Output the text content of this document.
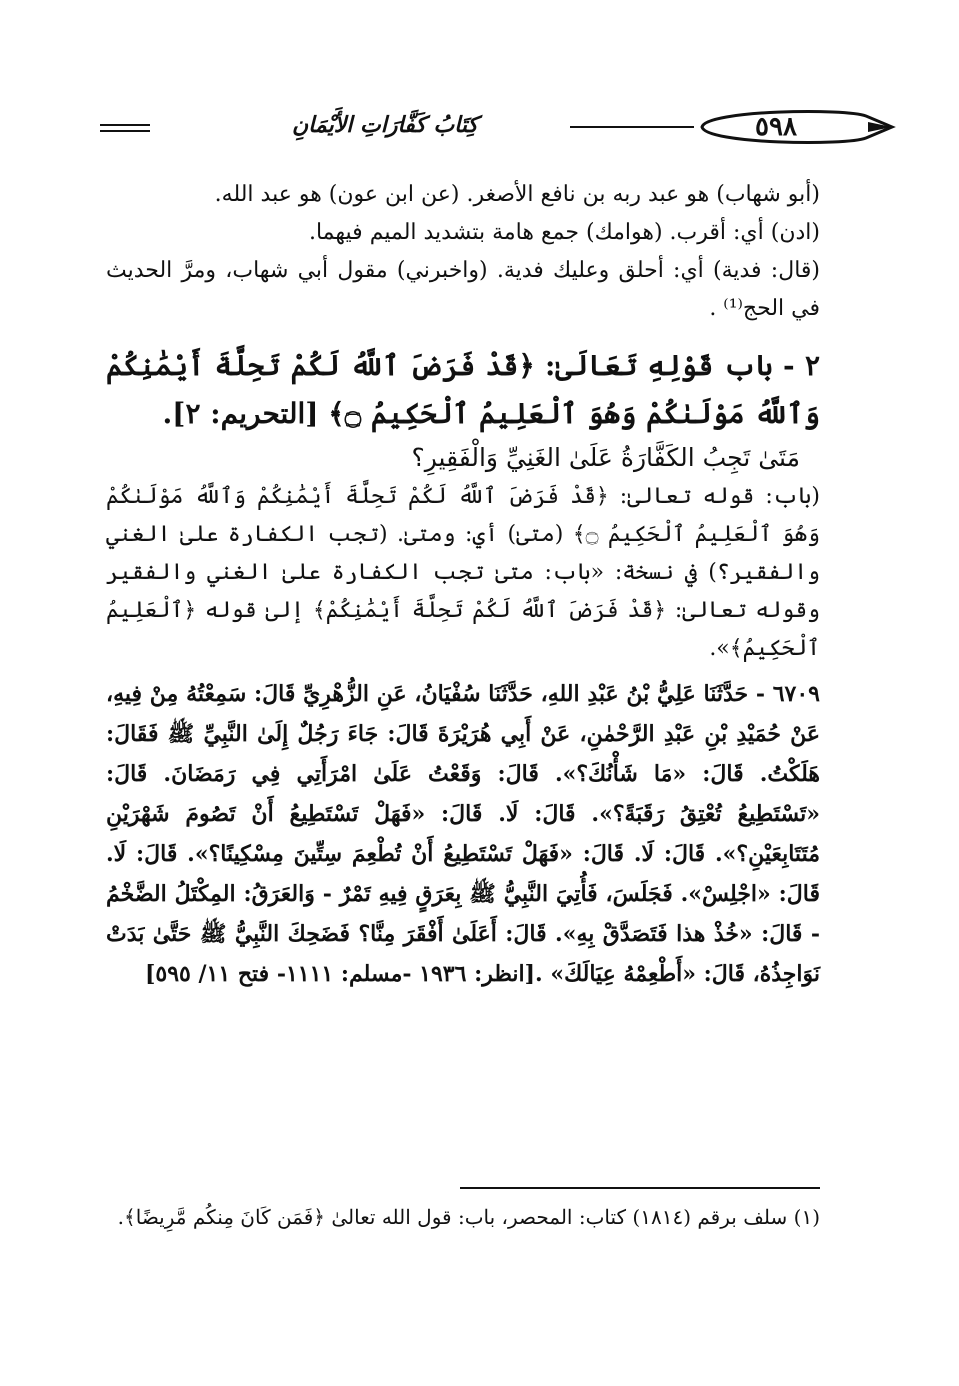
كِتَابُ كَفَّارَاتِ الأَيْمَانِ	٥٩٨

(أبو شهاب) هو عبد ربه بن نافع الأصغر. (عن ابن عون) هو عبد الله.

(ادن) أي: أقرب. (هوامك) جمع هامة بتشديد الميم فيهما.

(قال: فدية) أي: أحلق وعليك فدية. (واخبرني) مقول أبي شهاب، ومرَّ الحديث في الحج⁽¹⁾ .

٢ - باب قَوْلِهِ تَعَالَىٰ: ﴿قَدْ فَرَضَ ٱللَّهُ لَكُمْ تَحِلَّةَ أَيْمَٰنِكُمْ وَٱللَّهُ مَوْلَىٰكُمْ وَهُوَ ٱلْعَلِيمُ ٱلْحَكِيمُ ۝﴾ [التحريم: ٢].

مَتَىٰ تَجِبُ الكَفَّارَةُ عَلَىٰ الغَنِيِّ وَالْفَقِيرِ؟

(باب: قوله تعالىٰ: ﴿قَدْ فَرَضَ ٱللَّهُ لَكُمْ تَحِلَّةَ أَيْمَٰنِكُمْ وَٱللَّهُ مَوْلَىٰكُمْ وَهُوَ ٱلْعَلِيمُ ٱلْحَكِيمُ ۝﴾ (متىٰ) أي: ومتىٰ. (تجب الكفارة علىٰ الغني والفقير؟) في نسخة: «باب: متىٰ تجب الكفارة علىٰ الغني والفقير وقوله تعالىٰ: ﴿قَدْ فَرَضَ ٱللَّهُ لَكُمْ تَحِلَّةَ أَيْمَٰنِكُمْ﴾ إلىٰ قوله ﴿ٱلْعَلِيمُ ٱلْحَكِيمُ﴾».

٦٧٠٩ - حَدَّثَنَا عَلِيُّ بْنُ عَبْدِ اللهِ، حَدَّثَنَا سُفْيَانُ، عَنِ الزُّهْرِيِّ قَالَ: سَمِعْتُهُ مِنْ فِيهِ، عَنْ حُمَيْدِ بْنِ عَبْدِ الرَّحْمٰنِ، عَنْ أَبِي هُرَيْرَةَ قَالَ: جَاءَ رَجُلٌ إِلَىٰ النَّبِيِّ ﷺ فَقَالَ: هَلَكْتُ. قَالَ: «مَا شَأْنُكَ؟». قَالَ: وَقَعْتُ عَلَىٰ امْرَأَتِي فِي رَمَضَانَ. قَالَ: «تَسْتَطِيعُ تُعْتِقُ رَقَبَةً؟». قَالَ: لَا. قَالَ: «فَهَلْ تَسْتَطِيعُ أَنْ تَصُومَ شَهْرَيْنِ مُتَتَابِعَيْنِ؟». قَالَ: لَا. قَالَ: «فَهَلْ تَسْتَطِيعُ أَنْ تُطْعِمَ سِتِّينَ مِسْكِينًا؟». قَالَ: لَا. قَالَ: «اجْلِسْ». فَجَلَسَ، فَأُتِيَ النَّبِيُّ ﷺ بِعَرَقٍ فِيهِ تَمْرٌ - وَالعَرَقُ: المِكْتَلُ الضَّخْمُ - قَالَ: «خُذْ هذا فَتَصَدَّقْ بِهِ». قَالَ: أَعَلَىٰ أَفْقَرَ مِنَّا؟ فَضَحِكَ النَّبِيُّ ﷺ حَتَّىٰ بَدَتْ نَوَاجِذُهُ، قَالَ: «أَطْعِمْهُ عِيَالَكَ» .[انظر: ١٩٣٦ -مسلم: ١١١١- فتح ١١/ ٥٩٥]

(١) سلف برقم (١٨١٤) كتاب: المحصر، باب: قول الله تعالىٰ ﴿فَمَن كَانَ مِنكُم مَّرِيضًا﴾.
